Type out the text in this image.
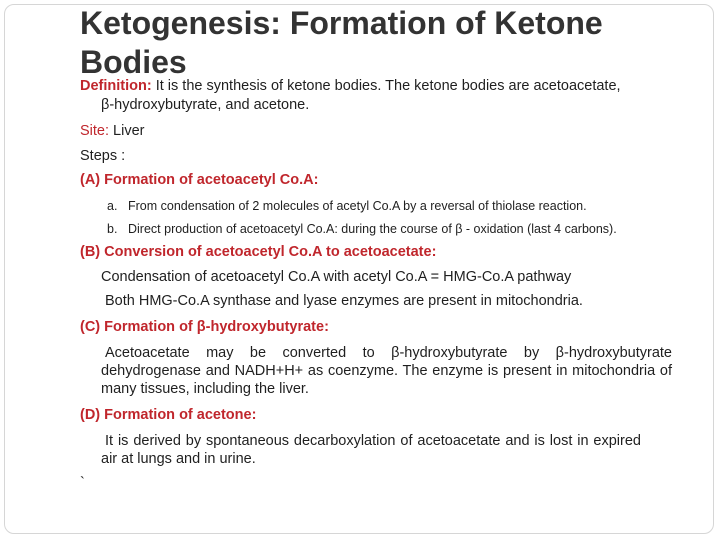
Ketogenesis: Formation of Ketone Bodies
Definition: It is the synthesis of ketone bodies. The ketone bodies are acetoacetate,
β-hydroxybutyrate, and acetone.
Site: Liver
Steps :
(A) Formation of acetoacetyl Co.A:
a. From condensation of 2 molecules of acetyl Co.A by a reversal of thiolase reaction.
b. Direct production of acetoacetyl Co.A: during the course of β - oxidation (last 4 carbons).
(B) Conversion of acetoacetyl Co.A to acetoacetate:
Condensation of acetoacetyl Co.A with acetyl Co.A = HMG-Co.A pathway
Both HMG-Co.A synthase and lyase enzymes are present in mitochondria.
(C) Formation of β-hydroxybutyrate:
Acetoacetate may be converted to β-hydroxybutyrate by β-hydroxybutyrate dehydrogenase and NADH+H+ as coenzyme. The enzyme is present in mitochondria of many tissues, including the liver.
(D) Formation of acetone:
It is derived by spontaneous decarboxylation of acetoacetate and is lost in expired air at lungs and in urine.
`
